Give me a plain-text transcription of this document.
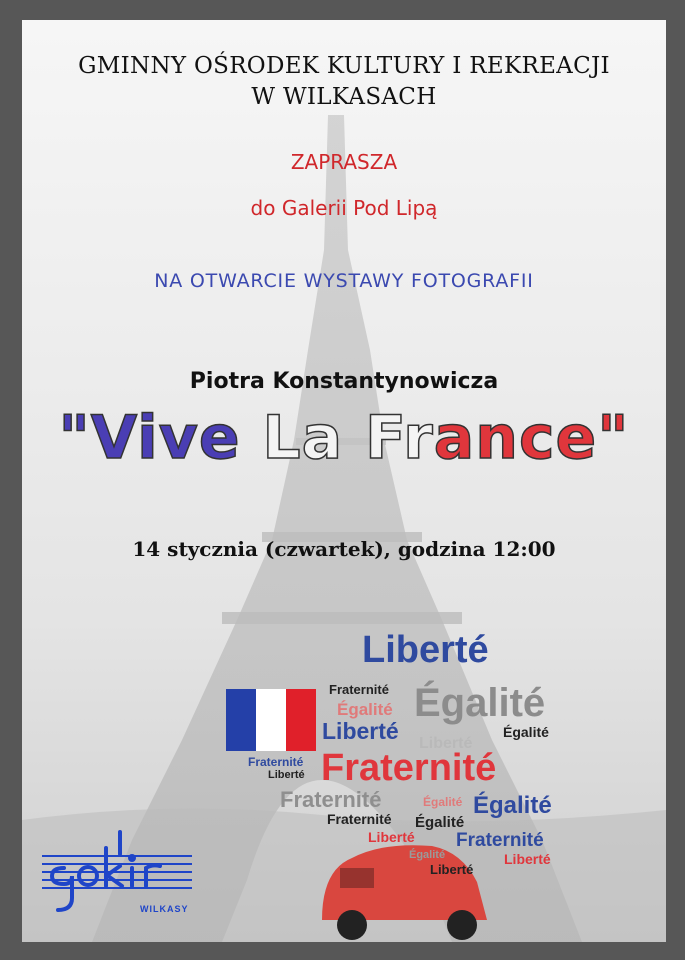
GMINNY OŚRODEK KULTURY I REKREACJI
W WILKASACH
ZAPRASZA
do Galerii Pod Lipą
NA OTWARCIE WYSTAWY FOTOGRAFII
Piotra Konstantynowicza
"Vive La France"
14 stycznia (czwartek), godzina 12:00
Liberté
Fraternité Égalité
Égalité
Liberté Liberté
Égalité
Fraternité
Liberté Fraternité
Fraternité	Égalité Égalité
Fraternité Égalité
Liberté Fraternité
Égalité	Liberté
Liberté
WILKASY
